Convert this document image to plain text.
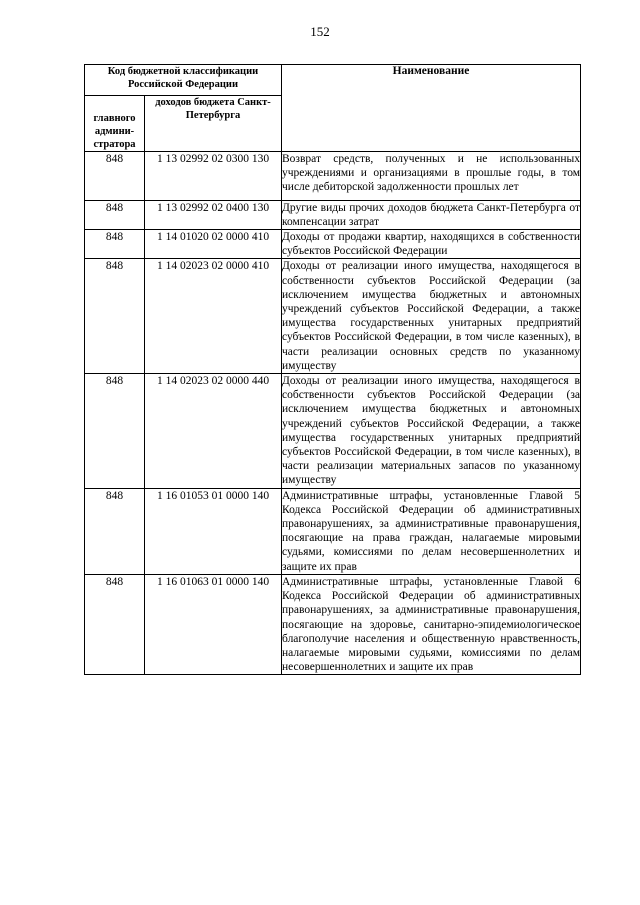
152
Код бюджетной классификации Российской Федерации		Наименование
главного админи-стратора	доходов бюджета Санкт-Петербурга	
848	1 13 02992 02 0300 130	Возврат средств, полученных и не использованных учреждениями и организациями в прошлые годы, в том числе дебиторской задолженности прошлых лет
848	1 13 02992 02 0400 130	Другие виды прочих доходов бюджета Санкт-Петербурга от компенсации затрат
848	1 14 01020 02 0000 410	Доходы от продажи квартир, находящихся в собственности субъектов Российской Федерации
848	1 14 02023 02 0000 410	Доходы от реализации иного имущества, находящегося в собственности субъектов Российской Федерации (за исключением имущества бюджетных и автономных учреждений субъектов Российской Федерации, а также имущества государственных унитарных предприятий субъектов Российской Федерации, в том числе казенных), в части реализации основных средств по указанному имуществу
848	1 14 02023 02 0000 440	Доходы от реализации иного имущества, находящегося в собственности субъектов Российской Федерации (за исключением имущества бюджетных и автономных учреждений субъектов Российской Федерации, а также имущества государственных унитарных предприятий субъектов Российской Федерации, в том числе казенных), в части реализации материальных запасов по указанному имуществу
848	1 16 01053 01 0000 140	Административные штрафы, установленные Главой 5 Кодекса Российской Федерации об административных правонарушениях, за административные правонарушения, посягающие на права граждан, налагаемые мировыми судьями, комиссиями по делам несовершеннолетних и защите их прав
848	1 16 01063 01 0000 140	Административные штрафы, установленные Главой 6 Кодекса Российской Федерации об административных правонарушениях, за административные правонарушения, посягающие на здоровье, санитарно-эпидемиологическое благополучие населения и общественную нравственность, налагаемые мировыми судьями, комиссиями по делам несовершеннолетних и защите их прав
